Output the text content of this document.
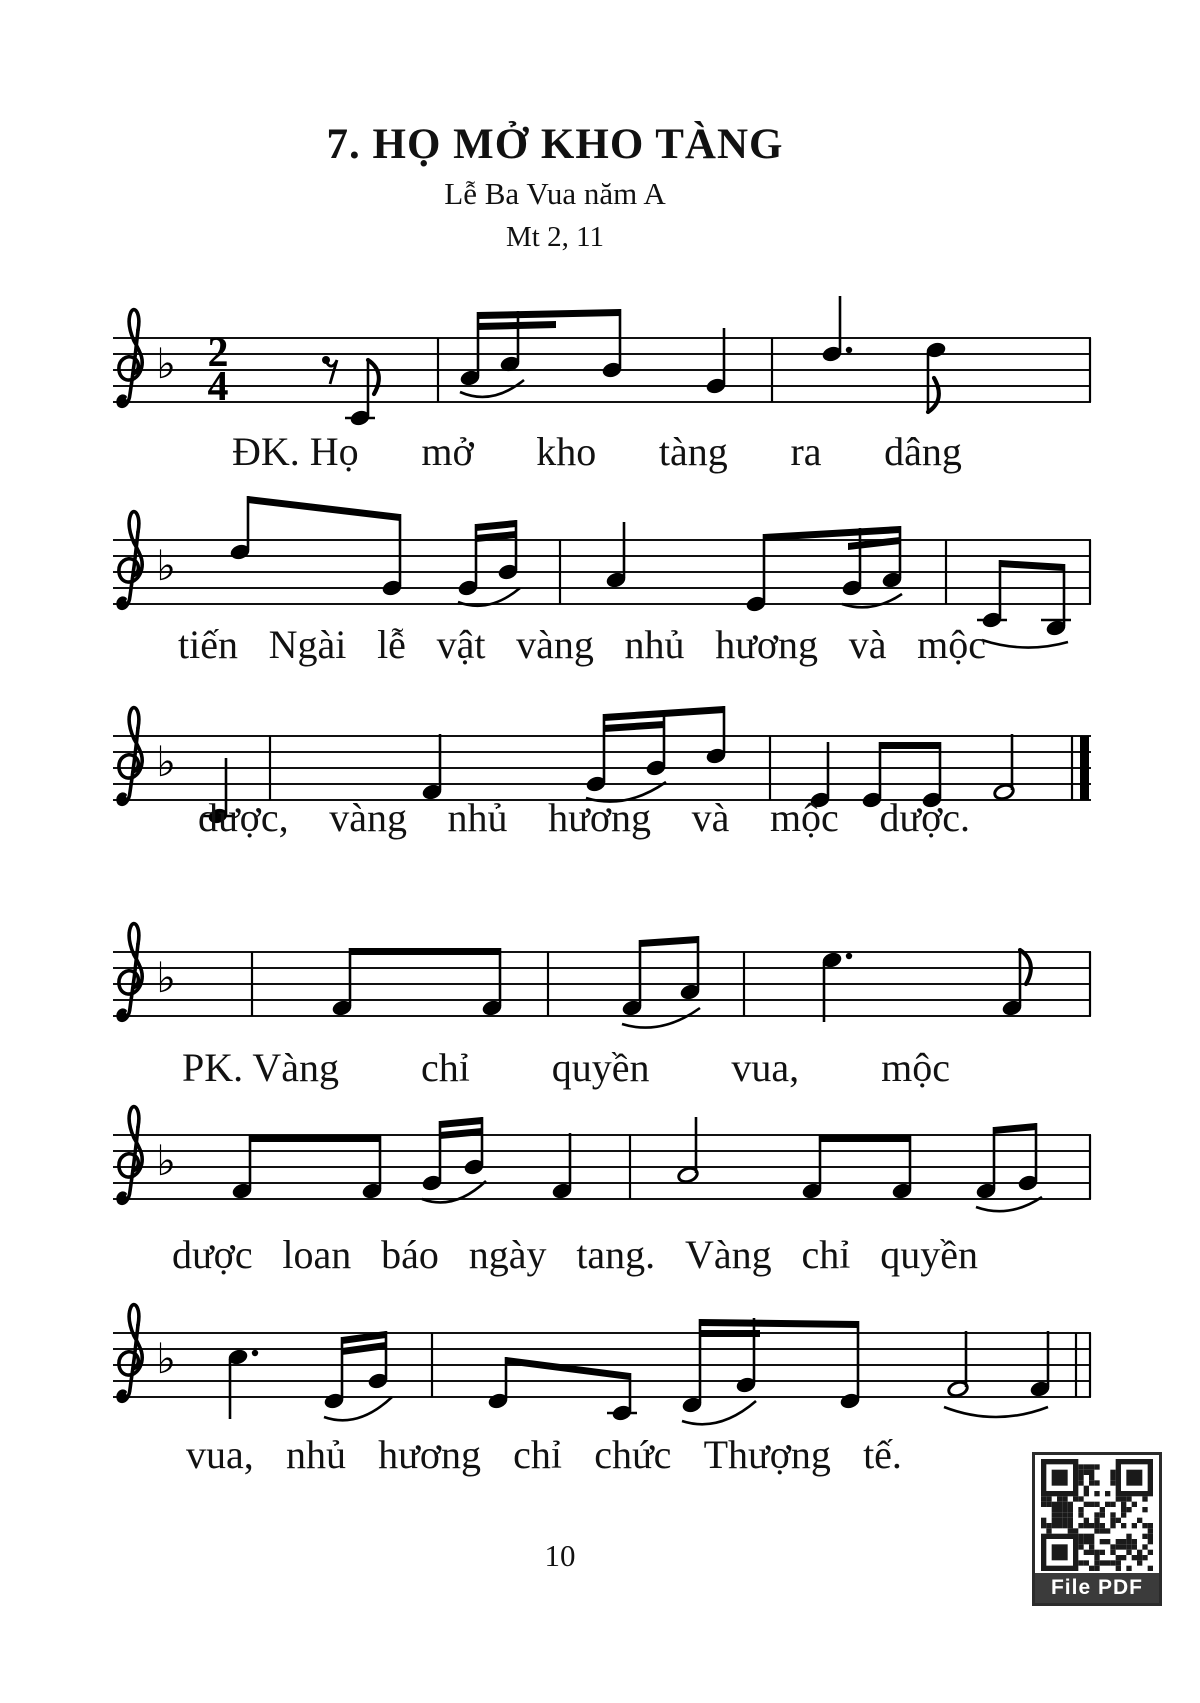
7. HỌ MỞ KHO TÀNG
Lễ Ba Vua năm A
Mt 2, 11
♭ 2
4
♭
♭
♭
♭
♭
ĐK. Họ mở kho tàng ra dâng
tiến Ngài lễ vật vàng nhủ hương và mộc
dược, vàng nhủ hương và mộc dược.
PK. Vàng chỉ quyền vua, mộc
dược loan báo ngày tang. Vàng chỉ quyền
vua, nhủ hương chỉ chức Thượng tế.
10
File PDF
